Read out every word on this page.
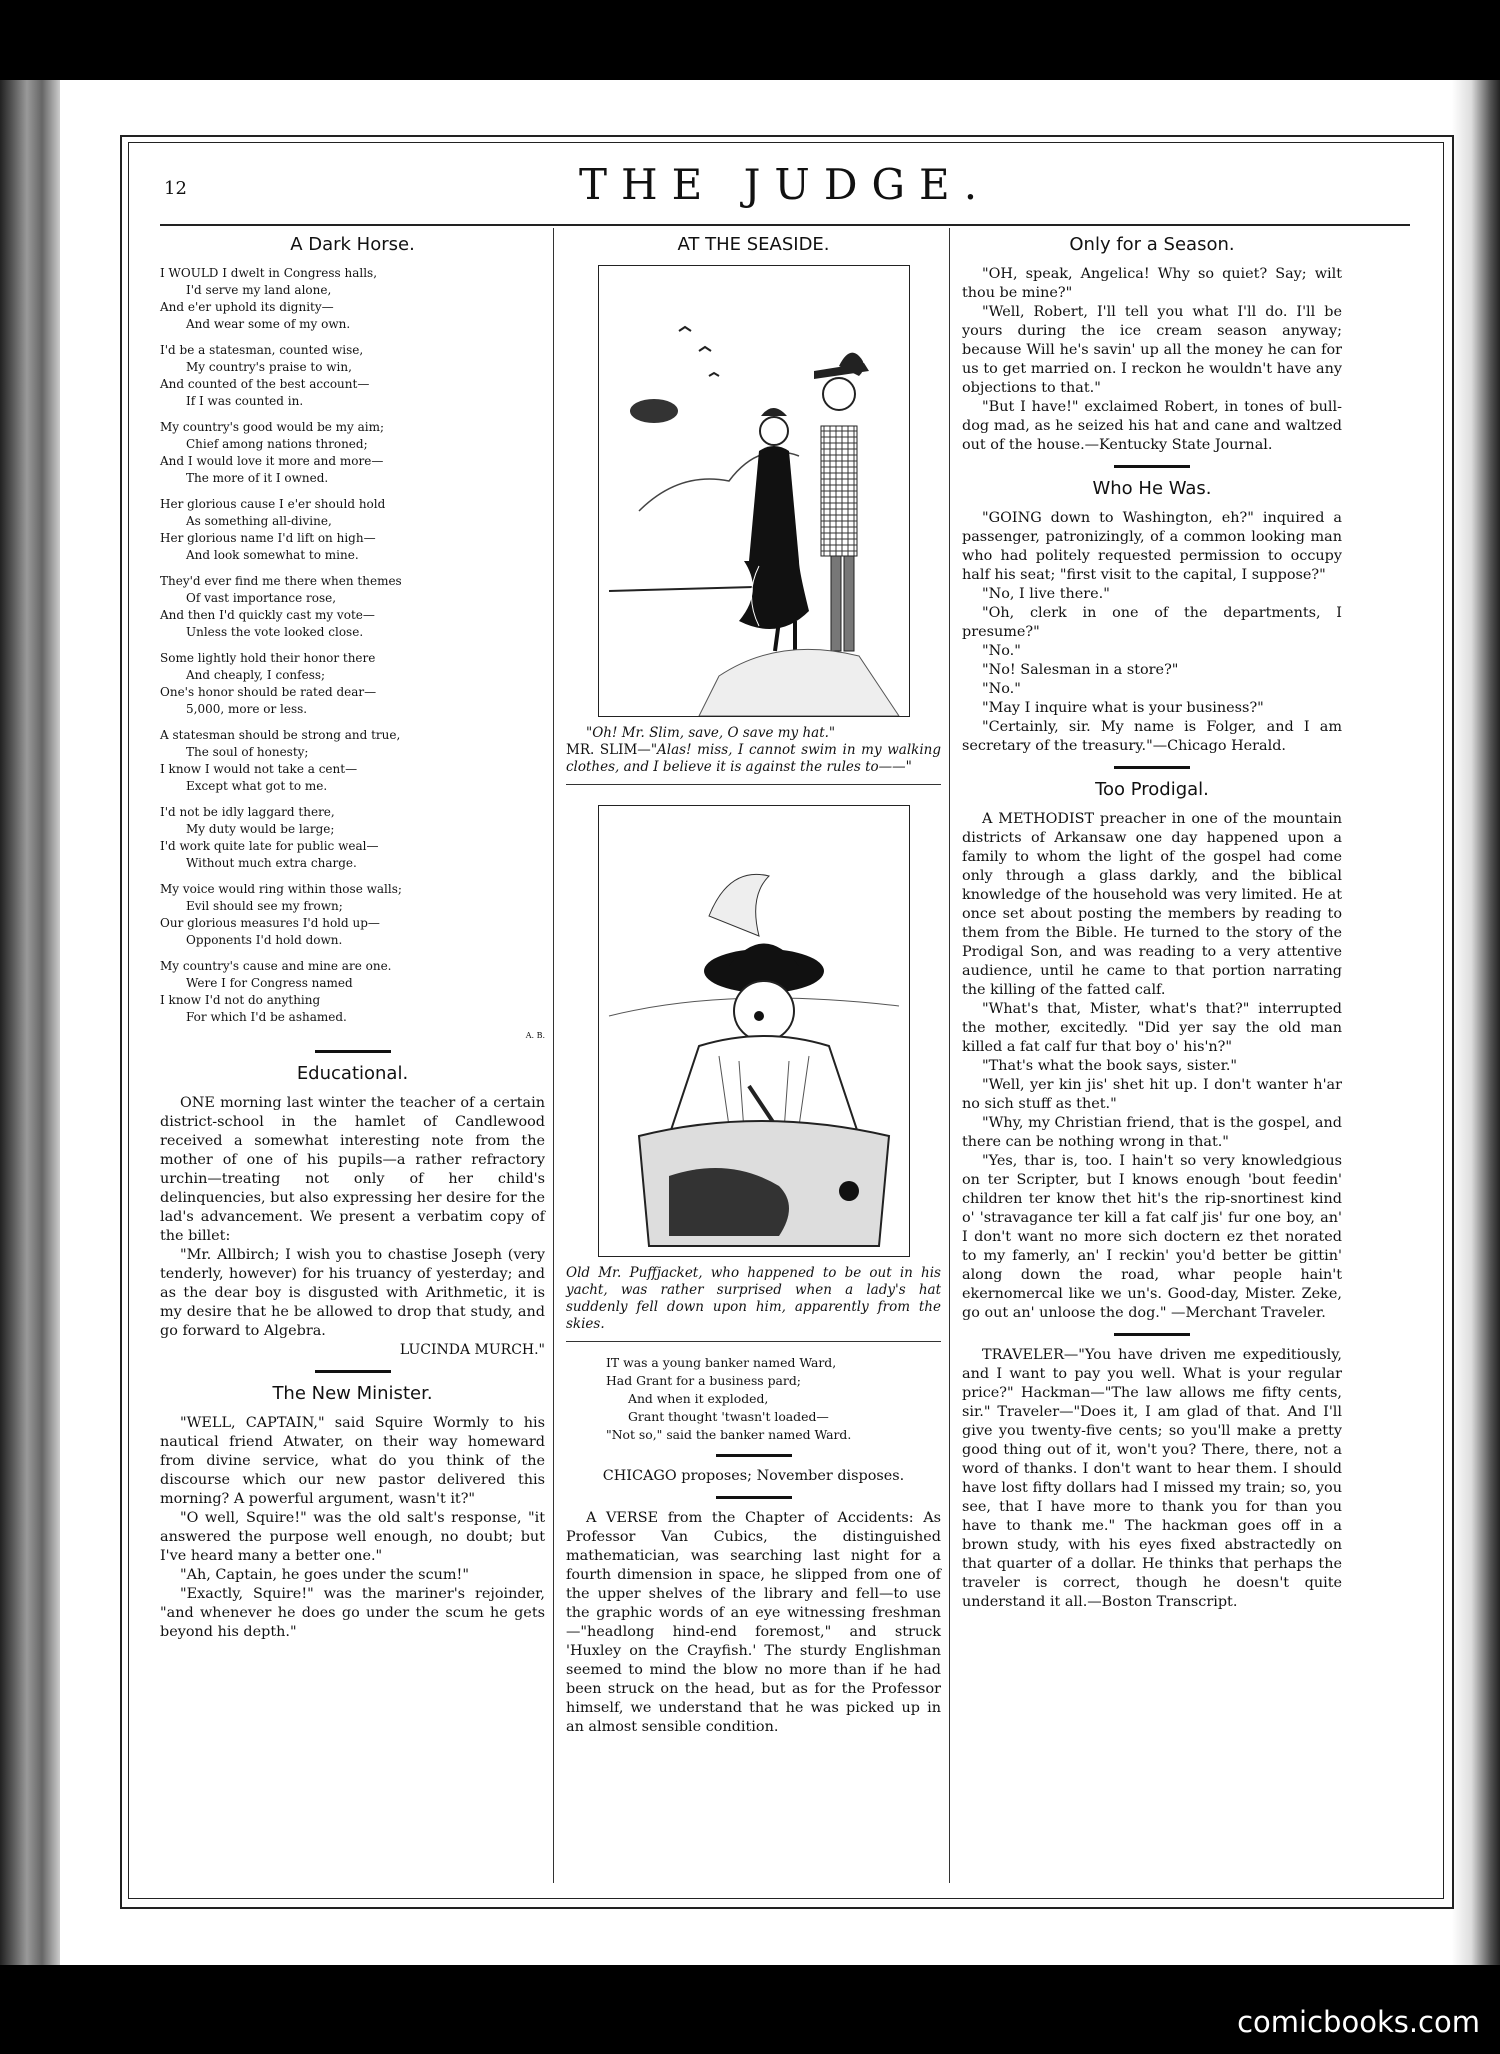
12	THE JUDGE.
A Dark Horse.
I WOULD I dwelt in Congress halls,
I'd serve my land alone,
And e'er uphold its dignity—
And wear some of my own.
I'd be a statesman, counted wise,
My country's praise to win,
And counted of the best account—
If I was counted in.
My country's good would be my aim;
Chief among nations throned;
And I would love it more and more—
The more of it I owned.
Her glorious cause I e'er should hold
As something all-divine,
Her glorious name I'd lift on high—
And look somewhat to mine.
They'd ever find me there when themes
Of vast importance rose,
And then I'd quickly cast my vote—
Unless the vote looked close.
Some lightly hold their honor there
And cheaply, I confess;
One's honor should be rated dear—
5,000, more or less.
A statesman should be strong and true,
The soul of honesty;
I know I would not take a cent—
Except what got to me.
I'd not be idly laggard there,
My duty would be large;
I'd work quite late for public weal—
Without much extra charge.
My voice would ring within those walls;
Evil should see my frown;
Our glorious measures I'd hold up—
Opponents I'd hold down.
My country's cause and mine are one.
Were I for Congress named
I know I'd not do anything
For which I'd be ashamed.
A. B.
Educational.

ONE morning last winter the teacher of a certain district-school in the hamlet of Candlewood received a somewhat interesting note from the mother of one of his pupils—a rather refractory urchin—treating not only of her child's delinquencies, but also expressing her desire for the lad's advancement. We present a verbatim copy of the billet:

"Mr. Allbirch; I wish you to chastise Joseph (very tenderly, however) for his truancy of yesterday; and as the dear boy is disgusted with Arithmetic, it is my desire that he be allowed to drop that study, and go forward to Algebra.

LUCINDA MURCH."
The New Minister.

"WELL, CAPTAIN," said Squire Wormly to his nautical friend Atwater, on their way homeward from divine service, what do you think of the discourse which our new pastor delivered this morning? A powerful argument, wasn't it?"

"O well, Squire!" was the old salt's response, "it answered the purpose well enough, no doubt; but I've heard many a better one."

"Ah, Captain, he goes under the scum!"

"Exactly, Squire!" was the mariner's rejoinder, "and whenever he does go under the scum he gets beyond his depth."

AT THE SEASIDE.
"Oh! Mr. Slim, save, O save my hat."
MR. SLIM—"Alas! miss, I cannot swim in my walking clothes, and I believe it is against the rules to——"
Old Mr. Puffjacket, who happened to be out in his yacht, was rather surprised when a lady's hat suddenly fell down upon him, apparently from the skies.
IT was a young banker named Ward,
Had Grant for a business pard;
And when it exploded,
Grant thought 'twasn't loaded—
"Not so," said the banker named Ward.
CHICAGO proposes; November disposes.

A VERSE from the Chapter of Accidents: As Professor Van Cubics, the distinguished mathematician, was searching last night for a fourth dimension in space, he slipped from one of the upper shelves of the library and fell—to use the graphic words of an eye witnessing freshman—"headlong hind-end foremost," and struck 'Huxley on the Crayfish.' The sturdy Englishman seemed to mind the blow no more than if he had been struck on the head, but as for the Professor himself, we understand that he was picked up in an almost sensible condition.

Only for a Season.

"OH, speak, Angelica! Why so quiet? Say; wilt thou be mine?"

"Well, Robert, I'll tell you what I'll do. I'll be yours during the ice cream season anyway; because Will he's savin' up all the money he can for us to get married on. I reckon he wouldn't have any objections to that."

"But I have!" exclaimed Robert, in tones of bull-dog mad, as he seized his hat and cane and waltzed out of the house.—Kentucky State Journal.

Who He Was.

"GOING down to Washington, eh?" inquired a passenger, patronizingly, of a common looking man who had politely requested permission to occupy half his seat; "first visit to the capital, I suppose?"

"No, I live there."

"Oh, clerk in one of the departments, I presume?"

"No."

"No! Salesman in a store?"

"No."

"May I inquire what is your business?"

"Certainly, sir. My name is Folger, and I am secretary of the treasury."—Chicago Herald.

Too Prodigal.

A METHODIST preacher in one of the mountain districts of Arkansaw one day happened upon a family to whom the light of the gospel had come only through a glass darkly, and the biblical knowledge of the household was very limited. He at once set about posting the members by reading to them from the Bible. He turned to the story of the Prodigal Son, and was reading to a very attentive audience, until he came to that portion narrating the killing of the fatted calf.

"What's that, Mister, what's that?" interrupted the mother, excitedly. "Did yer say the old man killed a fat calf fur that boy o' his'n?"

"That's what the book says, sister."

"Well, yer kin jis' shet hit up. I don't wanter h'ar no sich stuff as thet."

"Why, my Christian friend, that is the gospel, and there can be nothing wrong in that."

"Yes, thar is, too. I hain't so very knowledgious on ter Scripter, but I knows enough 'bout feedin' children ter know thet hit's the rip-snortinest kind o' 'stravagance ter kill a fat calf jis' fur one boy, an' I don't want no more sich doctern ez thet norated to my famerly, an' I reckin' you'd better be gittin' along down the road, whar people hain't ekernomercal like we un's. Good-day, Mister. Zeke, go out an' unloose the dog." —Merchant Traveler.

TRAVELER—"You have driven me expeditiously, and I want to pay you well. What is your regular price?" Hackman—"The law allows me fifty cents, sir." Traveler—"Does it, I am glad of that. And I'll give you twenty-five cents; so you'll make a pretty good thing out of it, won't you? There, there, not a word of thanks. I don't want to hear them. I should have lost fifty dollars had I missed my train; so, you see, that I have more to thank you for than you have to thank me." The hackman goes off in a brown study, with his eyes fixed abstractedly on that quarter of a dollar. He thinks that perhaps the traveler is correct, though he doesn't quite understand it all.—Boston Transcript.

comicbooks.com
